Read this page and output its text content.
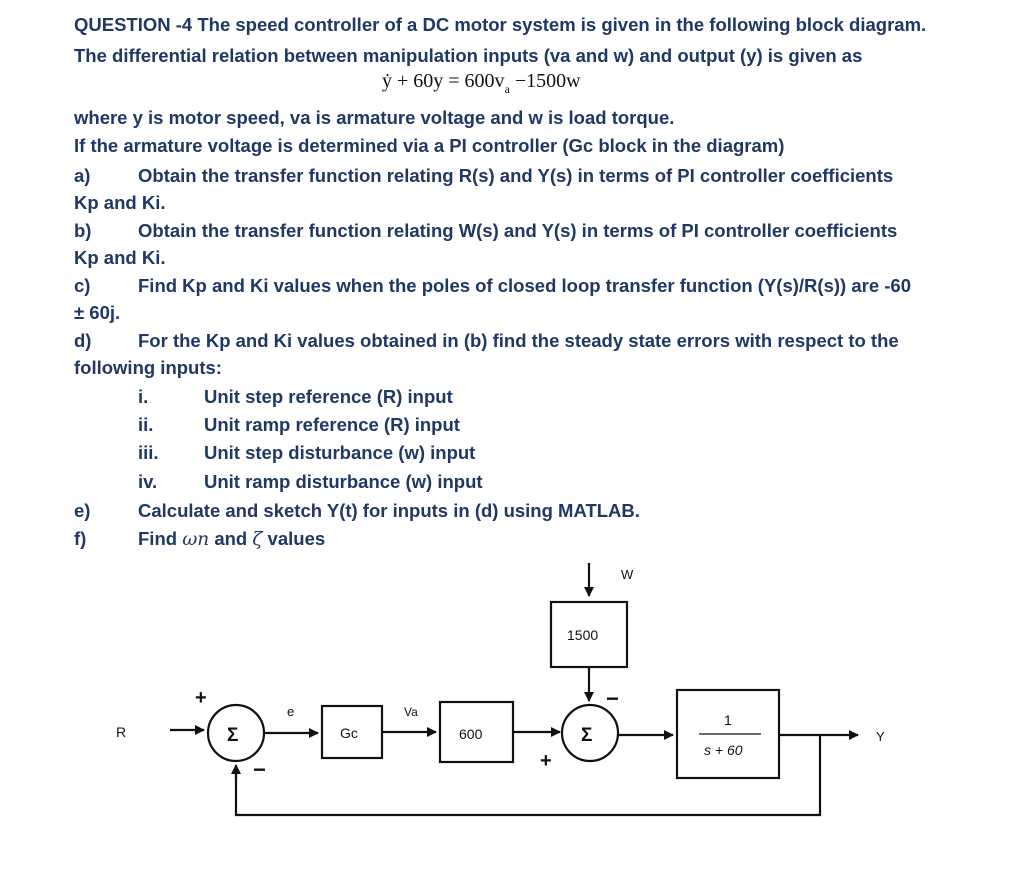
QUESTION -4 The speed controller of a DC motor system is given in the following block diagram.
The differential relation between manipulation inputs (va and w) and output (y) is given as
ẏ + $60y = 600v_a -1500w$
where y is motor speed, va is armature voltage and w is load torque.
If the armature voltage is determined via a PI controller (Gc block in the diagram)
a)	Obtain the transfer function relating R(s) and Y(s) in terms of PI controller coefficients
Kp and Ki.
b)	Obtain the transfer function relating W(s) and Y(s) in terms of PI controller coefficients
Kp and Ki.
c)	Find Kp and Ki values when the poles of closed loop transfer function (Y(s)/R(s)) are -60
± 60j.
d)	For the Kp and Ki values obtained in (b) find the steady state errors with respect to the
following inputs:
i.	Unit step reference (R) input
ii.	Unit ramp reference (R) input
iii. Unit step disturbance (w) input
iv.	Unit ramp disturbance (w) input
e)	Calculate and sketch Y(t) for inputs in (d) using MATLAB.
f)	Find ωn and ζ values
R	Y
W
e	Va
Σ	Σ
Gc	600
1500
1
s + 60
+
−	+
−
